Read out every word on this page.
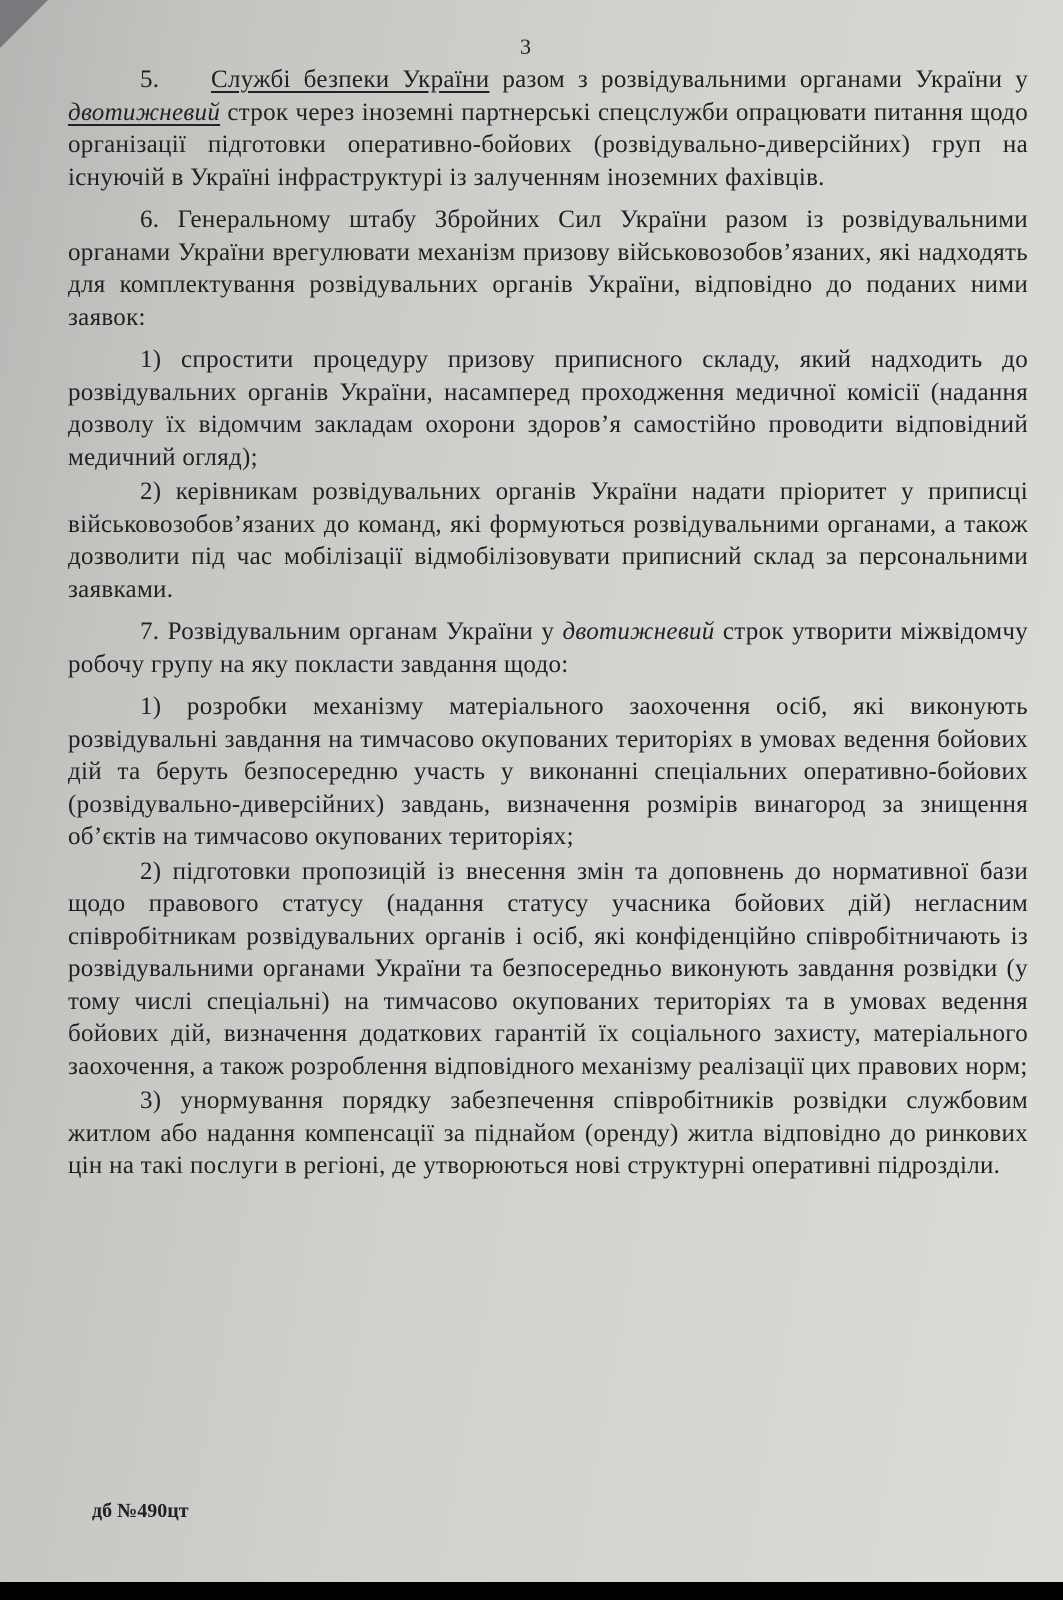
3

5. Службі безпеки України разом з розвідувальними органами України у двотижневий строк через іноземні партнерські спецслужби опрацювати питання щодо організації підготовки оперативно-бойових (розвідувально-диверсійних) груп на існуючій в Україні інфраструктурі із залученням іноземних фахівців.

6. Генеральному штабу Збройних Сил України разом із розвідувальними органами України врегулювати механізм призову військовозобов’язаних, які надходять для комплектування розвідувальних органів України, відповідно до поданих ними заявок:

1) спростити процедуру призову приписного складу, який надходить до розвідувальних органів України, насамперед проходження медичної комісії (надання дозволу їх відомчим закладам охорони здоров’я самостійно проводити відповідний медичний огляд);

2) керівникам розвідувальних органів України надати пріоритет у приписці військовозобов’язаних до команд, які формуються розвідувальними органами, а також дозволити під час мобілізації відмобілізовувати приписний склад за персональними заявками.

7. Розвідувальним органам України у двотижневий строк утворити міжвідомчу робочу групу на яку покласти завдання щодо:

1) розробки механізму матеріального заохочення осіб, які виконують розвідувальні завдання на тимчасово окупованих територіях в умовах ведення бойових дій та беруть безпосередню участь у виконанні спеціальних оперативно-бойових (розвідувально-диверсійних) завдань, визначення розмірів винагород за знищення об’єктів на тимчасово окупованих територіях;

2) підготовки пропозицій із внесення змін та доповнень до нормативної бази щодо правового статусу (надання статусу учасника бойових дій) негласним співробітникам розвідувальних органів і осіб, які конфіденційно співробітничають із розвідувальними органами України та безпосередньо виконують завдання розвідки (у тому числі спеціальні) на тимчасово окупованих територіях та в умовах ведення бойових дій, визначення додаткових гарантій їх соціального захисту, матеріального заохочення, а також розроблення відповідного механізму реалізації цих правових норм;

3) унормування порядку забезпечення співробітників розвідки службовим житлом або надання компенсації за піднайом (оренду) житла відповідно до ринкових цін на такі послуги в регіоні, де утворюються нові структурні оперативні підрозділи.

дб №490цт
